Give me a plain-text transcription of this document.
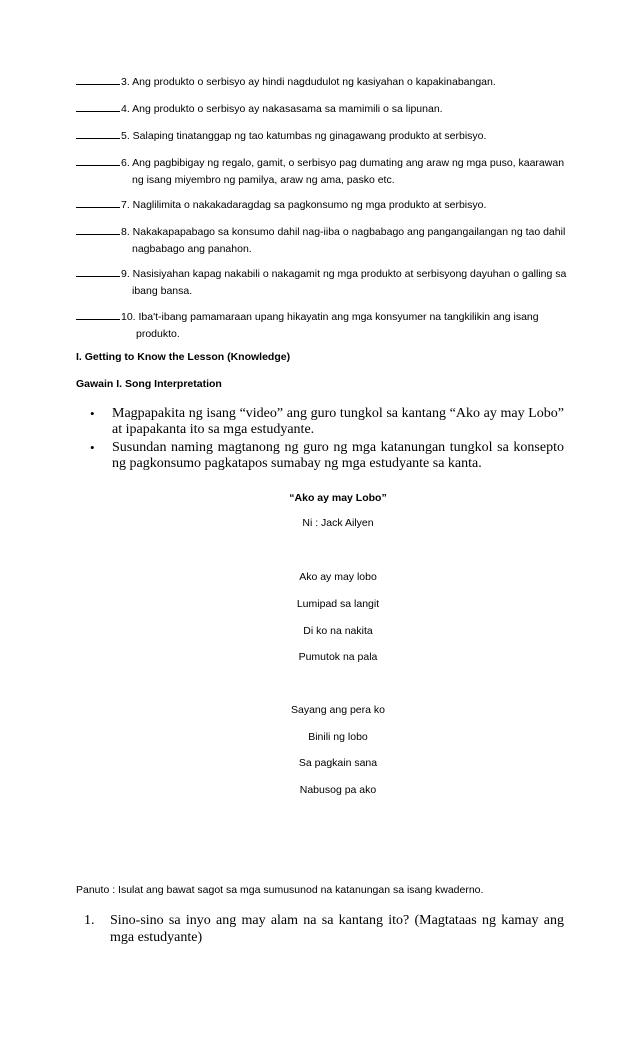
3. Ang produkto o serbisyo ay hindi nagdudulot ng kasiyahan o kapakinabangan.
4. Ang produkto o serbisyo ay nakasasama sa mamimili o sa lipunan.
5. Salaping tinatanggap ng tao katumbas ng ginagawang produkto at serbisyo.
6. Ang pagbibigay ng regalo, gamit, o serbisyo pag dumating ang araw ng mga puso, kaarawan
ng isang miyembro ng pamilya, araw ng ama, pasko etc.
7. Naglilimita o nakakadaragdag sa pagkonsumo ng mga produkto at serbisyo.
8. Nakakapapabago sa konsumo dahil nag-iiba o nagbabago ang pangangailangan ng tao dahil
nagbabago ang panahon.
9. Nasisiyahan kapag nakabili o nakagamit ng mga produkto at serbisyong dayuhan o galling sa
ibang bansa.
10. Iba't-ibang pamamaraan upang hikayatin ang mga konsyumer na tangkilikin ang isang
produkto.
I. Getting to Know the Lesson (Knowledge)
Gawain I. Song Interpretation
• Magpapakita ng isang “video” ang guro tungkol sa kantang “Ako ay may Lobo” at ipapakanta ito sa mga estudyante.
• Susundan naming magtanong ng guro ng mga katanungan tungkol sa konsepto ng pagkonsumo pagkatapos sumabay ng mga estudyante sa kanta.
“Ako ay may Lobo”
Ni : Jack Ailyen
Ako ay may lobo
Lumipad sa langit
Di ko na nakita
Pumutok na pala
Sayang ang pera ko
Binili ng lobo
Sa pagkain sana
Nabusog pa ako
Panuto : Isulat ang bawat sagot sa mga sumusunod na katanungan sa isang kwaderno.
1.	Sino-sino sa inyo ang may alam na sa kantang ito? (Magtataas ng kamay ang mga estudyante)
